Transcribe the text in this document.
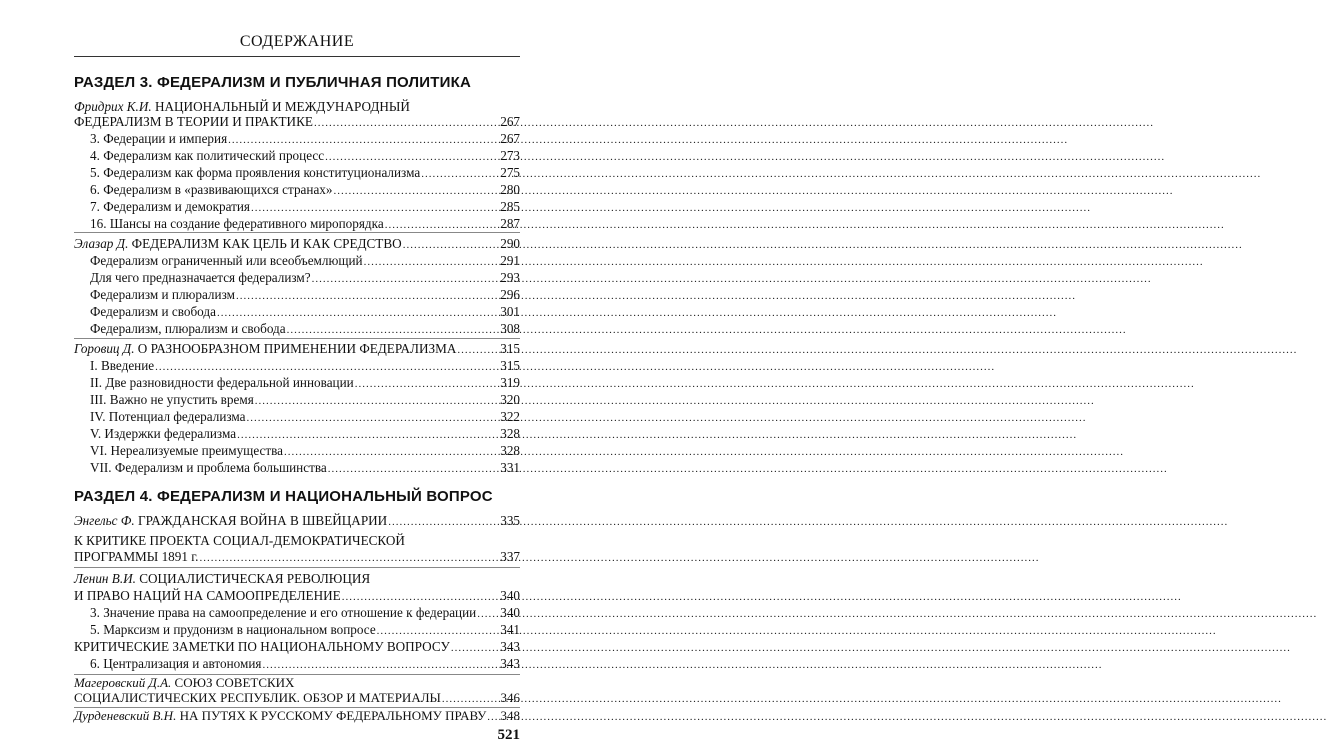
СОДЕРЖАНИЕ
РАЗДЕЛ 3. ФЕДЕРАЛИЗМ И ПУБЛИЧНАЯ ПОЛИТИКА
Фридрих К.И. НАЦИОНАЛЬНЫЙ И МЕЖДУНАРОДНЫЙ
ФЕДЕРАЛИЗМ В ТЕОРИИ И ПРАКТИКЕ .....	267
3. Федерации и империя .....	267
4. Федерализм как политический процесс .....	273
5. Федерализм как форма проявления конституционализма .....	275
6. Федерализм в «развивающихся странах» .....	280
7. Федерализм и демократия .....	285
16. Шансы на создание федеративного миропорядка .....	287
Элазар Д. ФЕДЕРАЛИЗМ КАК ЦЕЛЬ И КАК СРЕДСТВО .....	290
Федерализм ограниченный или всеобъемлющий .....	291
Для чего предназначается федерализм? .....	293
Федерализм и плюрализм .....	296
Федерализм и свобода .....	301
Федерализм, плюрализм и свобода .....	308
Горовиц Д. О РАЗНООБРАЗНОМ ПРИМЕНЕНИИ ФЕДЕРАЛИЗМА .....	315
I. Введение .....	315
II. Две разновидности федеральной инновации .....	319
III. Важно не упустить время .....	320
IV. Потенциал федерализма .....	322
V. Издержки федерализма .....	328
VI. Нереализуемые преимущества .....	328
VII. Федерализм и проблема большинства .....	331
РАЗДЕЛ 4. ФЕДЕРАЛИЗМ И НАЦИОНАЛЬНЫЙ ВОПРОС
Энгельс Ф. ГРАЖДАНСКАЯ ВОЙНА В ШВЕЙЦАРИИ .....	335
К КРИТИКЕ ПРОЕКТА СОЦИАЛ-ДЕМОКРАТИЧЕСКОЙ
ПРОГРАММЫ 1891 г. .....	337
Ленин В.И. СОЦИАЛИСТИЧЕСКАЯ РЕВОЛЮЦИЯ
И ПРАВО НАЦИЙ НА САМООПРЕДЕЛЕНИЕ .....	340
3. Значение права на самоопределение и его отношение к федерации ..... 340
5. Марксизм и прудонизм в национальном вопросе .....	341
КРИТИЧЕСКИЕ ЗАМЕТКИ ПО НАЦИОНАЛЬНОМУ ВОПРОСУ .....	343
6. Централизация и автономия .....	343
Магеровский Д.А. СОЮЗ СОВЕТСКИХ
СОЦИАЛИСТИЧЕСКИХ РЕСПУБЛИК. ОБЗОР И МАТЕРИАЛЫ .....	346
Дурденевский В.Н. НА ПУТЯХ К РУССКОМУ ФЕДЕРАЛЬНОМУ ПРАВУ ..... 348
521
